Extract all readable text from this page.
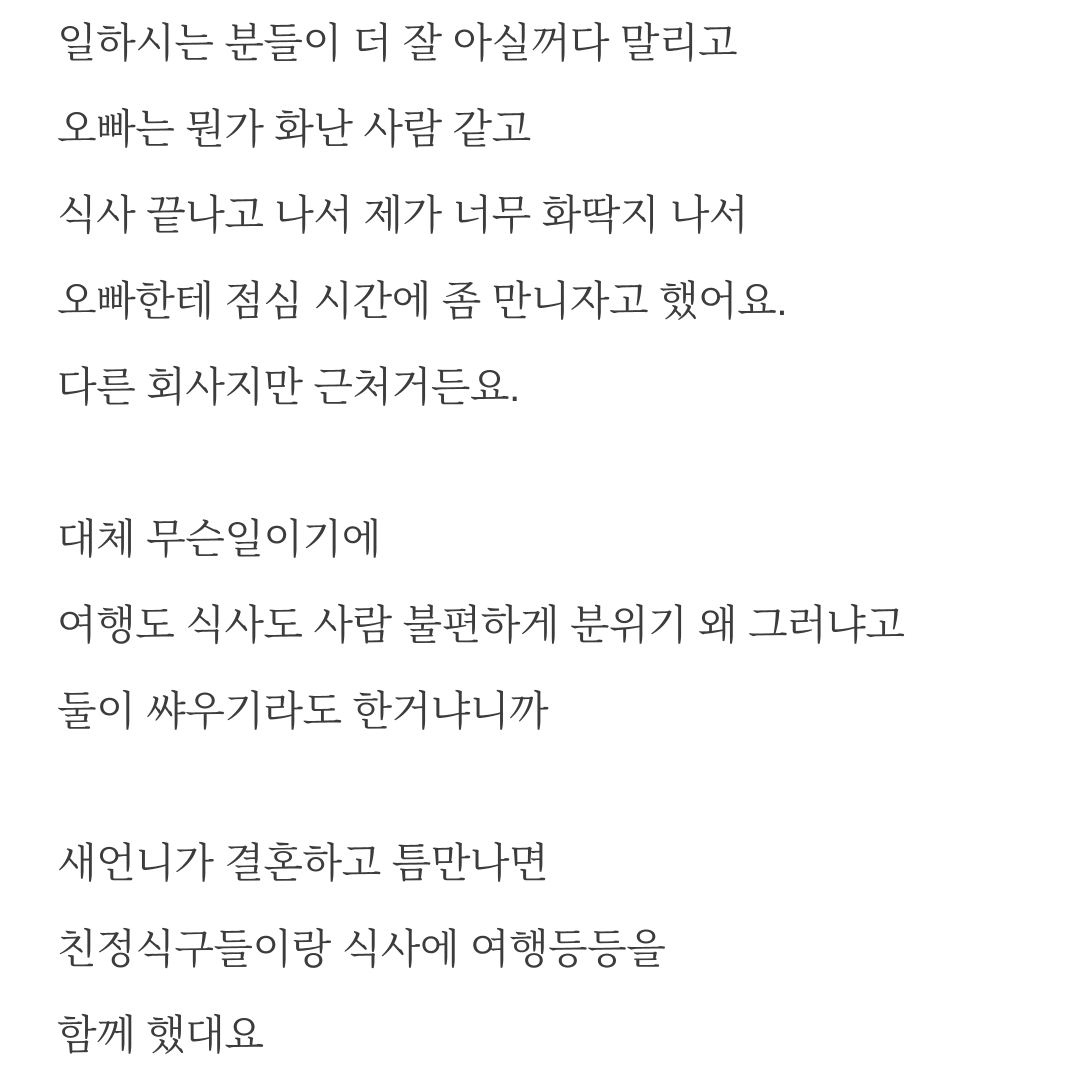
일하시는 분들이 더 잘 아실꺼다 말리고
오빠는 뭔가 화난 사람 같고
식사 끝나고 나서 제가 너무 화딱지 나서
오빠한테 점심 시간에 좀 만니자고 했어요.
다른 회사지만 근처거든요.

대체 무슨일이기에
여행도 식사도 사람 불편하게 분위기 왜 그러냐고
둘이 쌰우기라도 한거냐니까

새언니가 결혼하고 틈만나면
친정식구들이랑 식사에 여행등등을
함께 했대요
